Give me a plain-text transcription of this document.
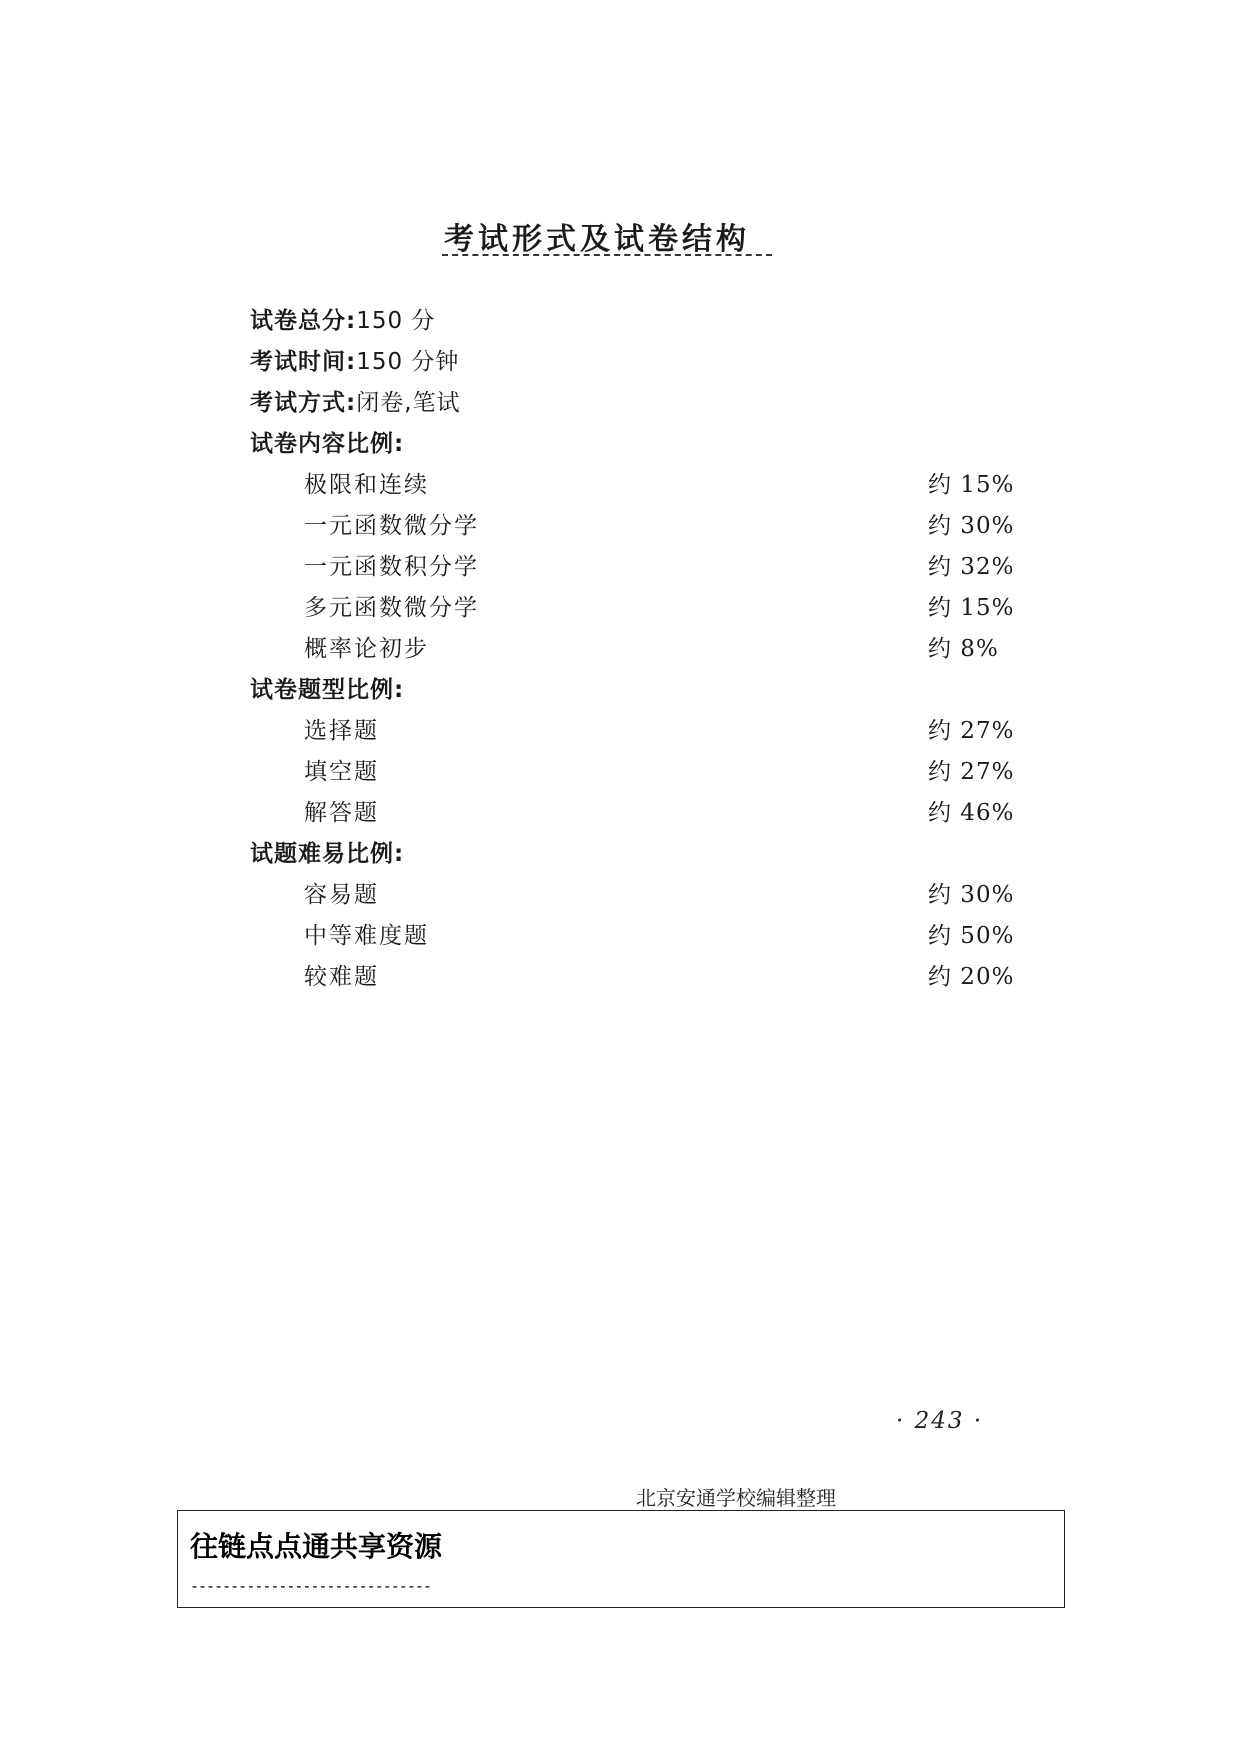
考试形式及试卷结构
试卷总分:150 分
考试时间:150 分钟
考试方式:闭卷,笔试
试卷内容比例:
极限和连续	约 15%
一元函数微分学	约 30%
一元函数积分学	约 32%
多元函数微分学	约 15%
概率论初步	约 8%
试卷题型比例:
选择题	约 27%
填空题	约 27%
解答题	约 46%
试题难易比例:
容易题	约 30%
中等难度题	约 50%
较难题	约 20%
· 243 ·
北京安通学校编辑整理
往链点点通共享资源
------------------------------
